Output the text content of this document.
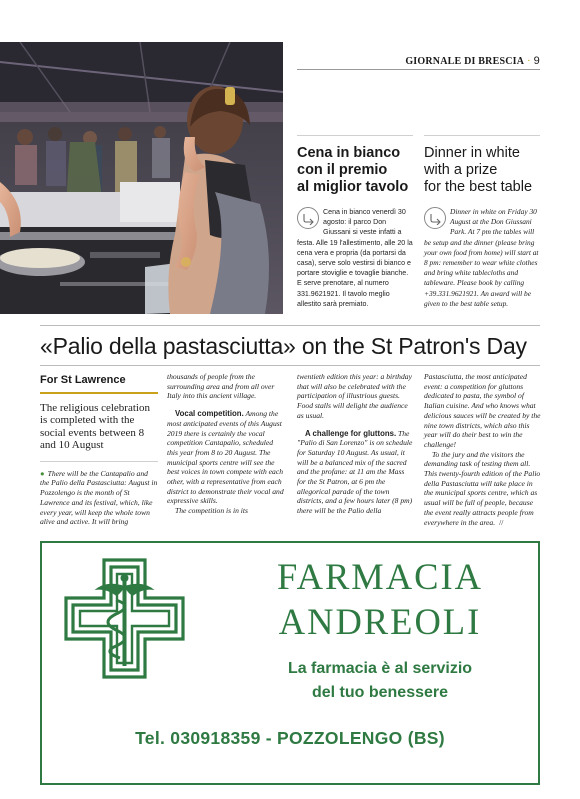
GIORNALE DI BRESCIA · 9
Cena in bianco
con il premio
al miglior tavolo
Cena in bianco venerdì 30 agosto: il parco Don Giussani si veste infatti a festa. Alle 19 l'allestimento, alle 20 la cena vera e propria (da portarsi da casa), serve solo vestirsi di bianco e portare stoviglie e tovaglie bianche. E serve prenotare, al numero 331.9621921. Il tavolo meglio allestito sarà premiato.
Dinner in white
with a prize
for the best table
Dinner in white on Friday 30 August at the Don Giussani Park. At 7 pm the tables will be setup and the dinner (please bring your own food from home) will start at 8 pm: remember to wear white clothes and bring white tablecloths and tableware. Please book by calling +39.331.9621921. An award will be given to the best table setup.
«Palio della pastasciutta» on the St Patron's Day
For St Lawrence
The religious celebration is completed with the social events between 8 and 10 August

● There will be the Cantapalio and the Palio della Pastasciutta: August in Pozzolengo is the month of St Lawrence and its festival, which, like every year, will keep the whole town alive and active. It will bring

thousands of people from the surrounding area and from all over Italy into this ancient village.

Vocal competition. Among the most anticipated events of this August 2019 there is certainly the vocal competition Cantapalio, scheduled this year from 8 to 20 August. The municipal sports centre will see the best voices in town compete with each other, with a representative from each district to demonstrate their vocal and expressive skills.

The competition is in its

twentieth edition this year: a birthday that will also be celebrated with the participation of illustrious guests. Food stalls will delight the audience as usual.

A challenge for gluttons. The "Palio di San Lorenzo" is on schedule for Saturday 10 August. As usual, it will be a balanced mix of the sacred and the profane: at 11 am the Mass for the St Patron, at 6 pm the allegorical parade of the town districts, and a few hours later (8 pm) there will be the Palio della

Pastasciutta, the most anticipated event: a competition for gluttons dedicated to pasta, the symbol of Italian cuisine. And who knows what delicious sauces will be created by the nine town districts, which also this year will do their best to win the challenge!

To the jury and the visitors the demanding task of testing them all. This twenty-fourth edition of the Palio della Pastasciutta will take place in the municipal sports centre, which as usual will be full of people, because the event really attracts people from everywhere in the area. //

FARMACIA
ANDREOLI
La farmacia è al servizio
del tuo benessere
Tel. 030918359 - POZZOLENGO (BS)
